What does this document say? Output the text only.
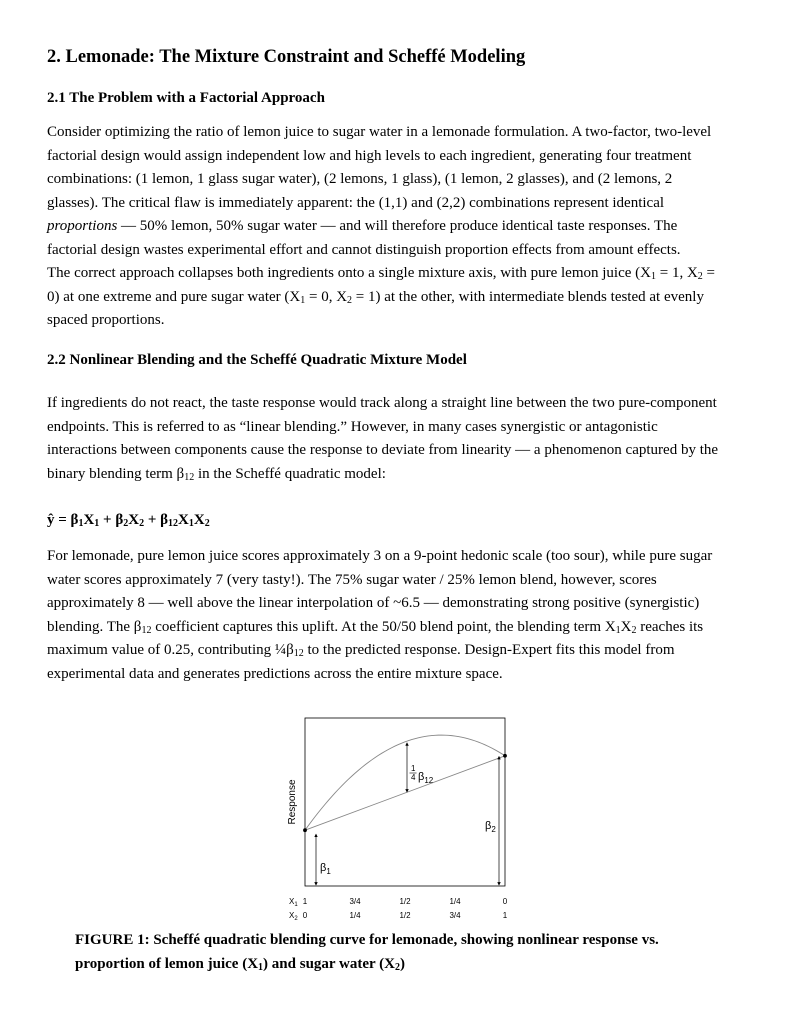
2. Lemonade: The Mixture Constraint and Scheffé Modeling
2.1 The Problem with a Factorial Approach
Consider optimizing the ratio of lemon juice to sugar water in a lemonade formulation. A two-factor, two-level
factorial design would assign independent low and high levels to each ingredient, generating four treatment
combinations: (1 lemon, 1 glass sugar water), (2 lemons, 1 glass), (1 lemon, 2 glasses), and (2 lemons, 2
glasses). The critical flaw is immediately apparent: the (1,1) and (2,2) combinations represent identical
proportions — 50% lemon, 50% sugar water — and will therefore produce identical taste responses. The
factorial design wastes experimental effort and cannot distinguish proportion effects from amount effects.
The correct approach collapses both ingredients onto a single mixture axis, with pure lemon juice ($X_1 = 1$, $X_2$ =
0) at one extreme and pure sugar water ($X_1 = 0$, $X_2 = 1$) at the other, with intermediate blends tested at evenly
spaced proportions.
2.2 Nonlinear Blending and the Scheffé Quadratic Mixture Model
If ingredients do not react, the taste response would track along a straight line between the two pure-component
endpoints. This is referred to as “linear blending.” However, in many cases synergistic or antagonistic
interactions between components cause the response to deviate from linearity — a phenomenon captured by the
binary blending term $\beta_{12}$ in the Scheffé quadratic model:
ŷ = $\beta_1X_1 + \beta_2X_2 + \beta_{12}X_1X_2$
For lemonade, pure lemon juice scores approximately 3 on a 9-point hedonic scale (too sour), while pure sugar
water scores approximately 7 (very tasty!). The 75% sugar water / 25% lemon blend, however, scores
approximately 8 — well above the linear interpolation of ~6.5 — demonstrating strong positive (synergistic)
blending. The $\beta_{12}$ coefficient captures this uplift. At the 50/50 blend point, the blending term $X_1X_2$ reaches its
maximum value of 0.25, contributing $\frac{1}{4}\beta_{12}$ to the predicted response. Design-Expert fits this model from
experimental data and generates predictions across the entire mixture space.
FIGURE 1: Scheffé quadratic blending curve for lemonade, showing nonlinear response vs.
proportion of lemon juice $(X_1)$ and sugar water $(X_2)$
Response
$\beta_1$
$\beta_2$
1
4 $\beta_{12}$
$X_1$
$X_2$
1
0
3/4
1/4
1/2
1/2
1/4
3/4
0
1
